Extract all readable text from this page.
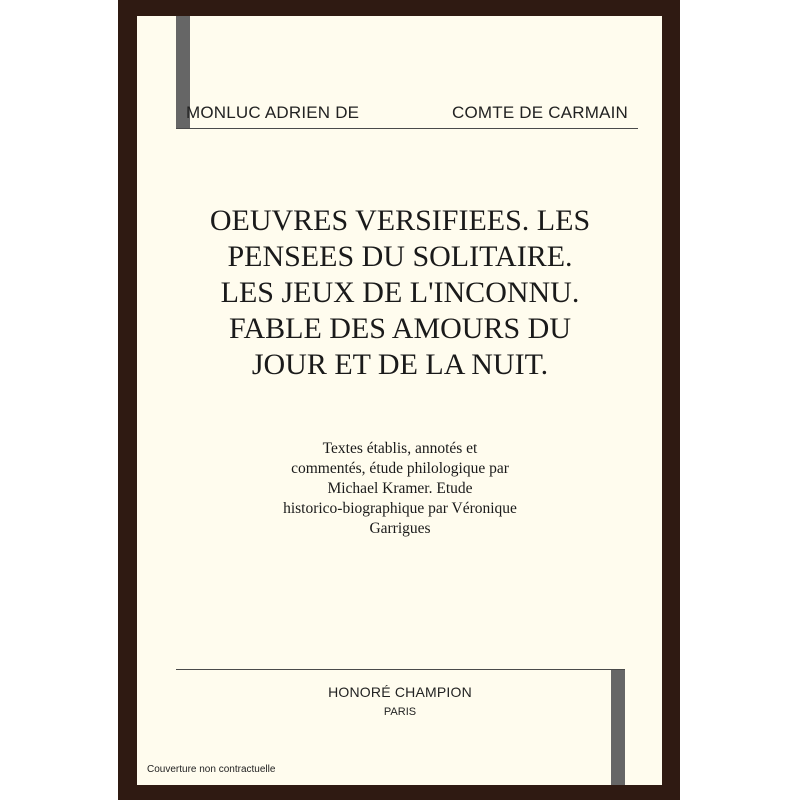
MONLUC ADRIEN DE	COMTE DE CARMAIN
OEUVRES VERSIFIEES. LES
PENSEES DU SOLITAIRE.
LES JEUX DE L'INCONNU.
FABLE DES AMOURS DU
JOUR ET DE LA NUIT.
Textes établis, annotés et
commentés, étude philologique par
Michael Kramer. Etude
historico-biographique par Véronique
Garrigues
HONORÉ CHAMPION
PARIS
Couverture non contractuelle
